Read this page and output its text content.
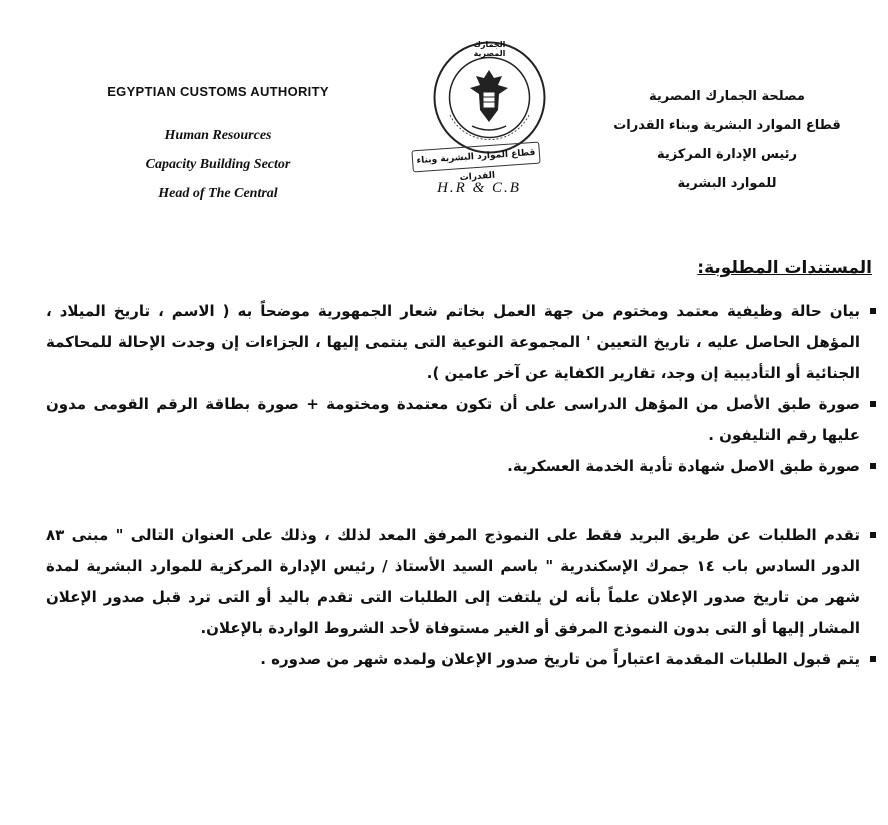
EGYPTIAN CUSTOMS AUTHORITY
Human Resources
Capacity Building Sector
Head of The Central
الجمارك المصرية
قطاع الموارد البشرية وبناء القدرات
H.R & C.B
مصلحة الجمارك المصرية
قطاع الموارد البشرية وبناء القدرات
رئيس الإدارة المركزية
للموارد البشرية
المستندات المطلوبة:
بيان حالة وظيفية معتمد ومختوم من جهة العمل بخاتم شعار الجمهورية موضحاً به ( الاسم ، تاريخ الميلاد ، المؤهل الحاصل عليه ، تاريخ التعيين ' المجموعة النوعية التى ينتمى إليها ، الجزاءات إن وجدت الإحالة للمحاكمة الجنائية أو التأديبية إن وجد، تقارير الكفاية عن آخر عامين ).
صورة طبق الأصل من المؤهل الدراسى على أن تكون معتمدة ومختومة + صورة بطاقة الرقم القومى مدون عليها رقم التليفون .
صورة طبق الاصل شهادة تأدية الخدمة العسكرية.
تقدم الطلبات عن طريق البريد فقط على النموذج المرفق المعد لذلك ، وذلك على العنوان التالى " مبنى ٨٣ الدور السادس باب ١٤ جمرك الإسكندرية " باسم السيد الأستاذ / رئيس الإدارة المركزية للموارد البشرية لمدة شهر من تاريخ صدور الإعلان علماً بأنه لن يلتفت إلى الطلبات التى تقدم باليد أو التى ترد قبل صدور الإعلان المشار إليها أو التى بدون النموذج المرفق أو الغير مستوفاة لأحد الشروط الواردة بالإعلان.
يتم قبول الطلبات المقدمة اعتباراً من تاريخ صدور الإعلان ولمده شهر من صدوره .
